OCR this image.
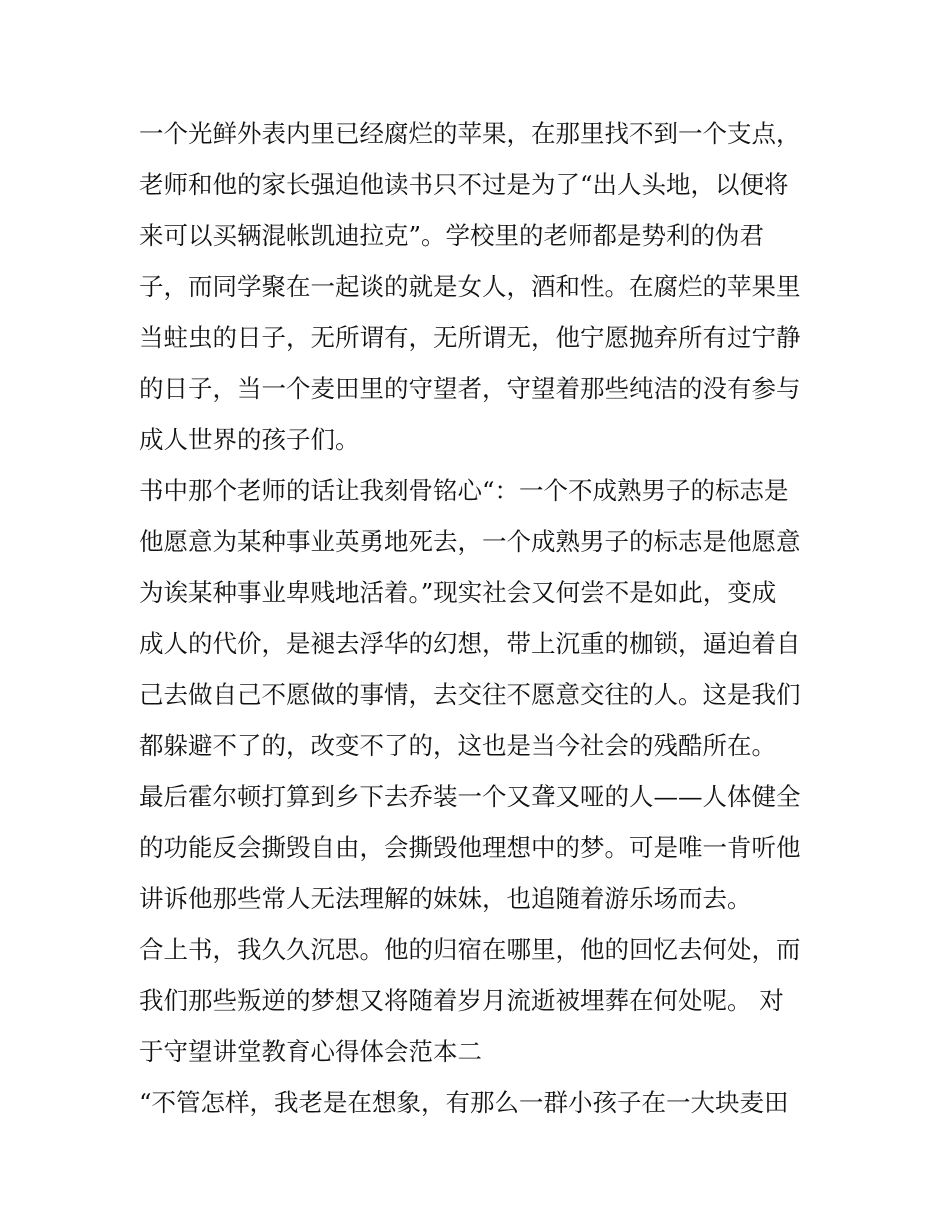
一个光鲜外表内里已经腐烂的苹果，在那里找不到一个支点，
老师和他的家长强迫他读书只不过是为了“出人头地，以便将
来可以买辆混帐凯迪拉克”。学校里的老师都是势利的伪君
子，而同学聚在一起谈的就是女人，酒和性。在腐烂的苹果里
当蛀虫的日子，无所谓有，无所谓无，他宁愿抛弃所有过宁静
的日子，当一个麦田里的守望者，守望着那些纯洁的没有参与
成人世界的孩子们。
书中那个老师的话让我刻骨铭心“：一个不成熟男子的标志是
他愿意为某种事业英勇地死去，一个成熟男子的标志是他愿意
为诶某种事业卑贱地活着。”现实社会又何尝不是如此，变成
成人的代价，是褪去浮华的幻想，带上沉重的枷锁，逼迫着自
己去做自己不愿做的事情，去交往不愿意交往的人。这是我们
都躲避不了的，改变不了的，这也是当今社会的残酷所在。
最后霍尔顿打算到乡下去乔装一个又聋又哑的人——人体健全
的功能反会撕毁自由，会撕毁他理想中的梦。可是唯一肯听他
讲诉他那些常人无法理解的妹妹，也追随着游乐场而去。
合上书，我久久沉思。他的归宿在哪里，他的回忆去何处，而
我们那些叛逆的梦想又将随着岁月流逝被埋葬在何处呢。 对
于守望讲堂教育心得体会范本二
“不管怎样，我老是在想象，有那么一群小孩子在一大块麦田
